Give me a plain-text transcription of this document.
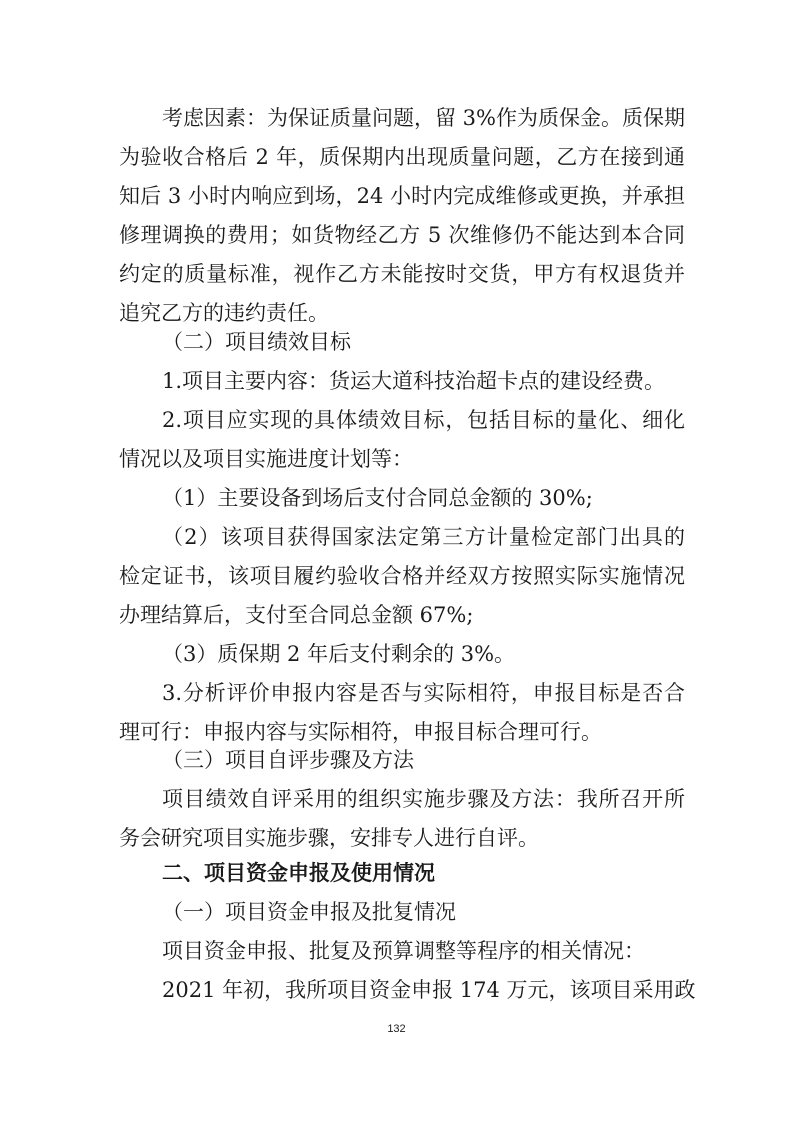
考虑因素：为保证质量问题，留 3%作为质保金。质保期
为验收合格后 2 年，质保期内出现质量问题，乙方在接到通
知后 3 小时内响应到场，24 小时内完成维修或更换，并承担
修理调换的费用；如货物经乙方 5 次维修仍不能达到本合同
约定的质量标准，视作乙方未能按时交货，甲方有权退货并
追究乙方的违约责任。
（二）项目绩效目标
1.项目主要内容：货运大道科技治超卡点的建设经费。
2.项目应实现的具体绩效目标，包括目标的量化、细化
情况以及项目实施进度计划等：
（1）主要设备到场后支付合同总金额的 30%;
（2）该项目获得国家法定第三方计量检定部门出具的
检定证书，该项目履约验收合格并经双方按照实际实施情况
办理结算后，支付至合同总金额 67%;
（3）质保期 2 年后支付剩余的 3%。
3.分析评价申报内容是否与实际相符，申报目标是否合
理可行：申报内容与实际相符，申报目标合理可行。
（三）项目自评步骤及方法
项目绩效自评采用的组织实施步骤及方法：我所召开所
务会研究项目实施步骤，安排专人进行自评。
二、项目资金申报及使用情况
（一）项目资金申报及批复情况
项目资金申报、批复及预算调整等程序的相关情况：
2021 年初，我所项目资金申报 174 万元，该项目采用政
132
